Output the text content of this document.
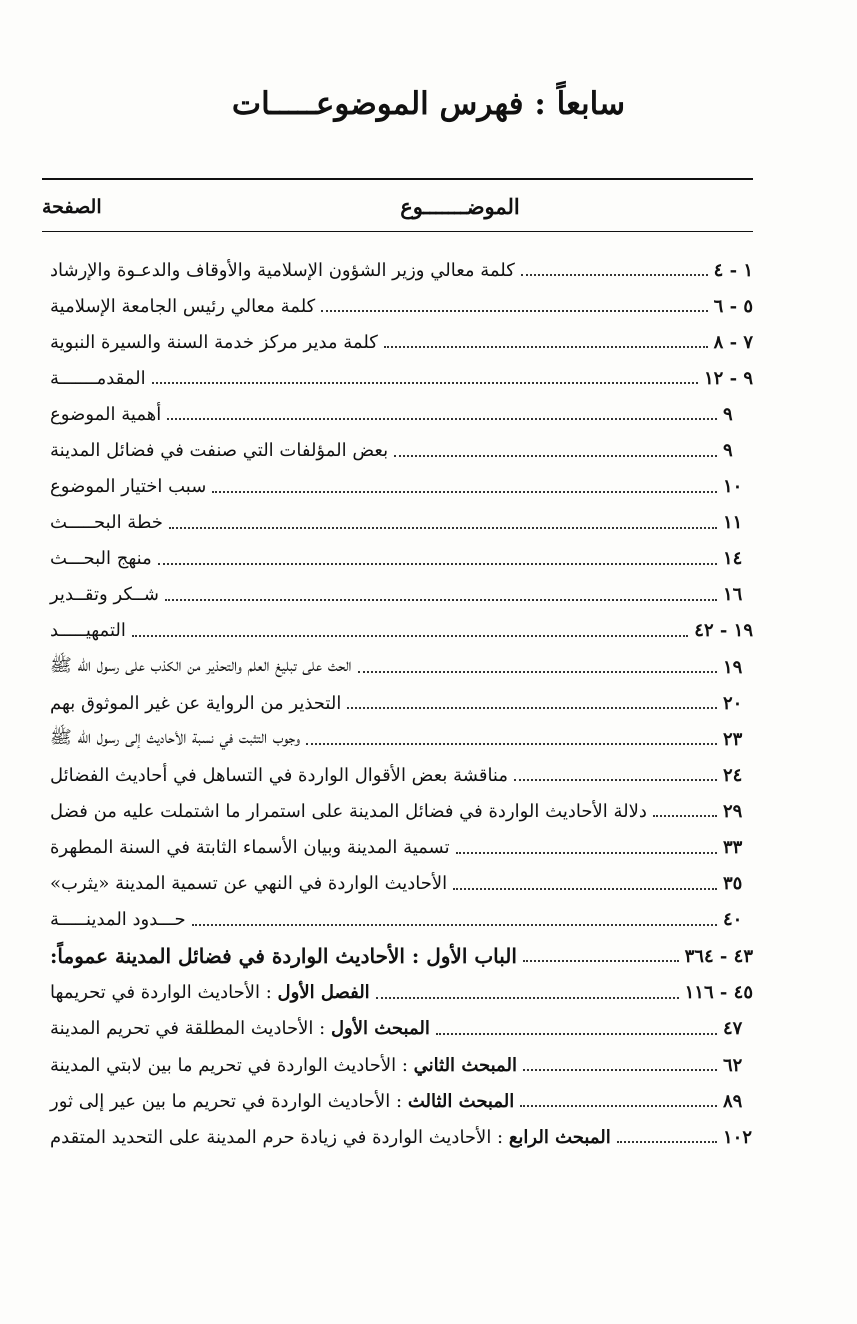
سابعاً : فهرس الموضوعـــــات
الموضـــــــوع
الصفحة
كلمة معالي وزير الشؤون الإسلامية والأوقاف والدعـوة والإرشاد	١ - ٤
كلمة معالي رئيس الجامعة الإسلامية	٥ - ٦
كلمة مدير مركز خدمة السنة والسيرة النبوية	٧ - ٨
المقدمـــــــة	٩ - ١٢
أهمية الموضوع	٩
بعض المؤلفات التي صنفت في فضائل المدينة	٩
سبب اختيار الموضوع	١٠
خطة البحـــــث	١١
منهج البحـــث	١٤
شــكر وتقــدير	١٦
التمهيـــــد	١٩ - ٤٢
الحث على تبليغ العلم والتحذير من الكذب على رسول الله ﷺ	١٩
التحذير من الرواية عن غير الموثوق بهم	٢٠
وجوب التثبت في نسبة الأحاديث إلى رسول الله ﷺ	٢٣
مناقشة بعض الأقوال الواردة في التساهل في أحاديث الفضائل	٢٤
دلالة الأحاديث الواردة في فضائل المدينة على استمرار ما اشتملت عليه من فضل	٢٩
تسمية المدينة وبيان الأسماء الثابتة في السنة المطهرة	٣٣
الأحاديث الواردة في النهي عن تسمية المدينة «يثرب»	٣٥
حـــدود المدينـــــة	٤٠
الباب الأول : الأحاديث الواردة في فضائل المدينة عموماً:	٤٣ - ٣٦٤
الفصل الأول : الأحاديث الواردة في تحريمها	٤٥ - ١١٦
المبحث الأول : الأحاديث المطلقة في تحريم المدينة	٤٧
المبحث الثاني : الأحاديث الواردة في تحريم ما بين لابتي المدينة	٦٢
المبحث الثالث : الأحاديث الواردة في تحريم ما بين عير إلى ثور	٨٩
المبحث الرابع : الأحاديث الواردة في زيادة حرم المدينة على التحديد المتقدم	١٠٢
